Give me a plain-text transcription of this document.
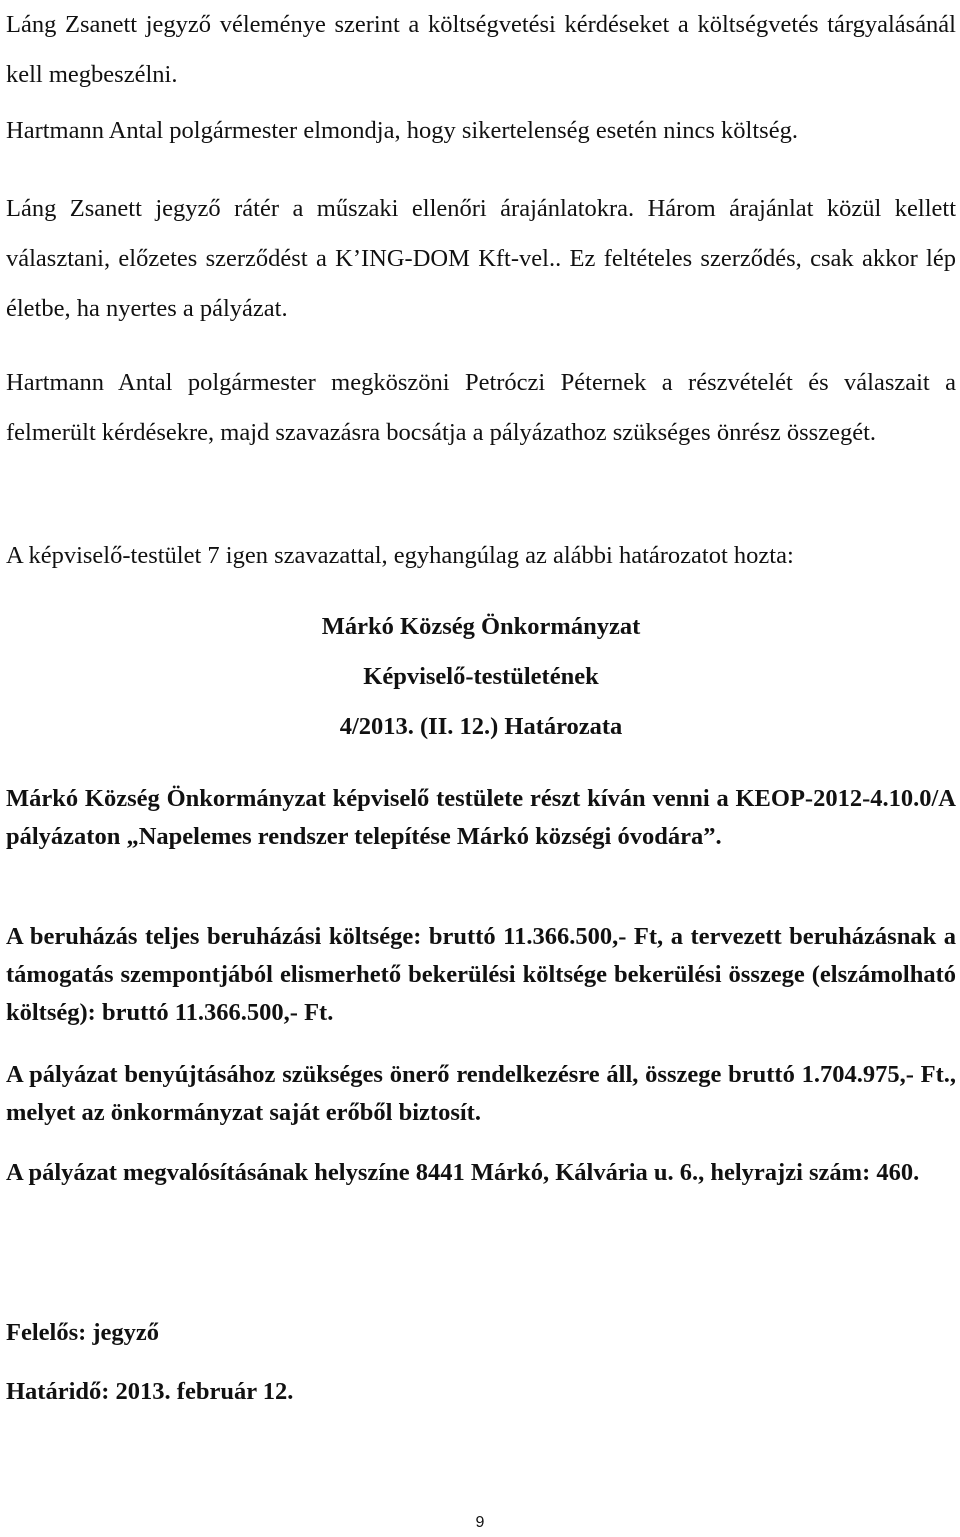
Láng Zsanett jegyző véleménye szerint a költségvetési kérdéseket a költségvetés tárgyalásánál kell megbeszélni.

Hartmann Antal polgármester elmondja, hogy sikertelenség esetén nincs költség.

Láng Zsanett jegyző rátér a műszaki ellenőri árajánlatokra. Három árajánlat közül kellett választani, előzetes szerződést a K’ING-DOM Kft-vel.. Ez feltételes szerződés, csak akkor lép életbe, ha nyertes a pályázat.

Hartmann Antal polgármester megköszöni Petróczi Péternek a részvételét és válaszait a felmerült kérdésekre, majd szavazásra bocsátja a pályázathoz szükséges önrész összegét.

A képviselő-testület 7 igen szavazattal, egyhangúlag az alábbi határozatot hozta:

Márkó Község Önkormányzat

Képviselő-testületének

4/2013. (II. 12.) Határozata

Márkó Község Önkormányzat képviselő testülete részt kíván venni a KEOP-2012-4.10.0/A pályázaton „Napelemes rendszer telepítése Márkó községi óvodára”.

A beruházás teljes beruházási költsége: bruttó 11.366.500,- Ft, a tervezett beruházásnak a támogatás szempontjából elismerhető bekerülési költsége bekerülési összege (elszámolható költség): bruttó 11.366.500,- Ft.

A pályázat benyújtásához szükséges önerő rendelkezésre áll, összege bruttó 1.704.975,- Ft., melyet az önkormányzat saját erőből biztosít.

A pályázat megvalósításának helyszíne 8441 Márkó, Kálvária u. 6., helyrajzi szám: 460.

Felelős: jegyző

Határidő: 2013. február 12.

9
